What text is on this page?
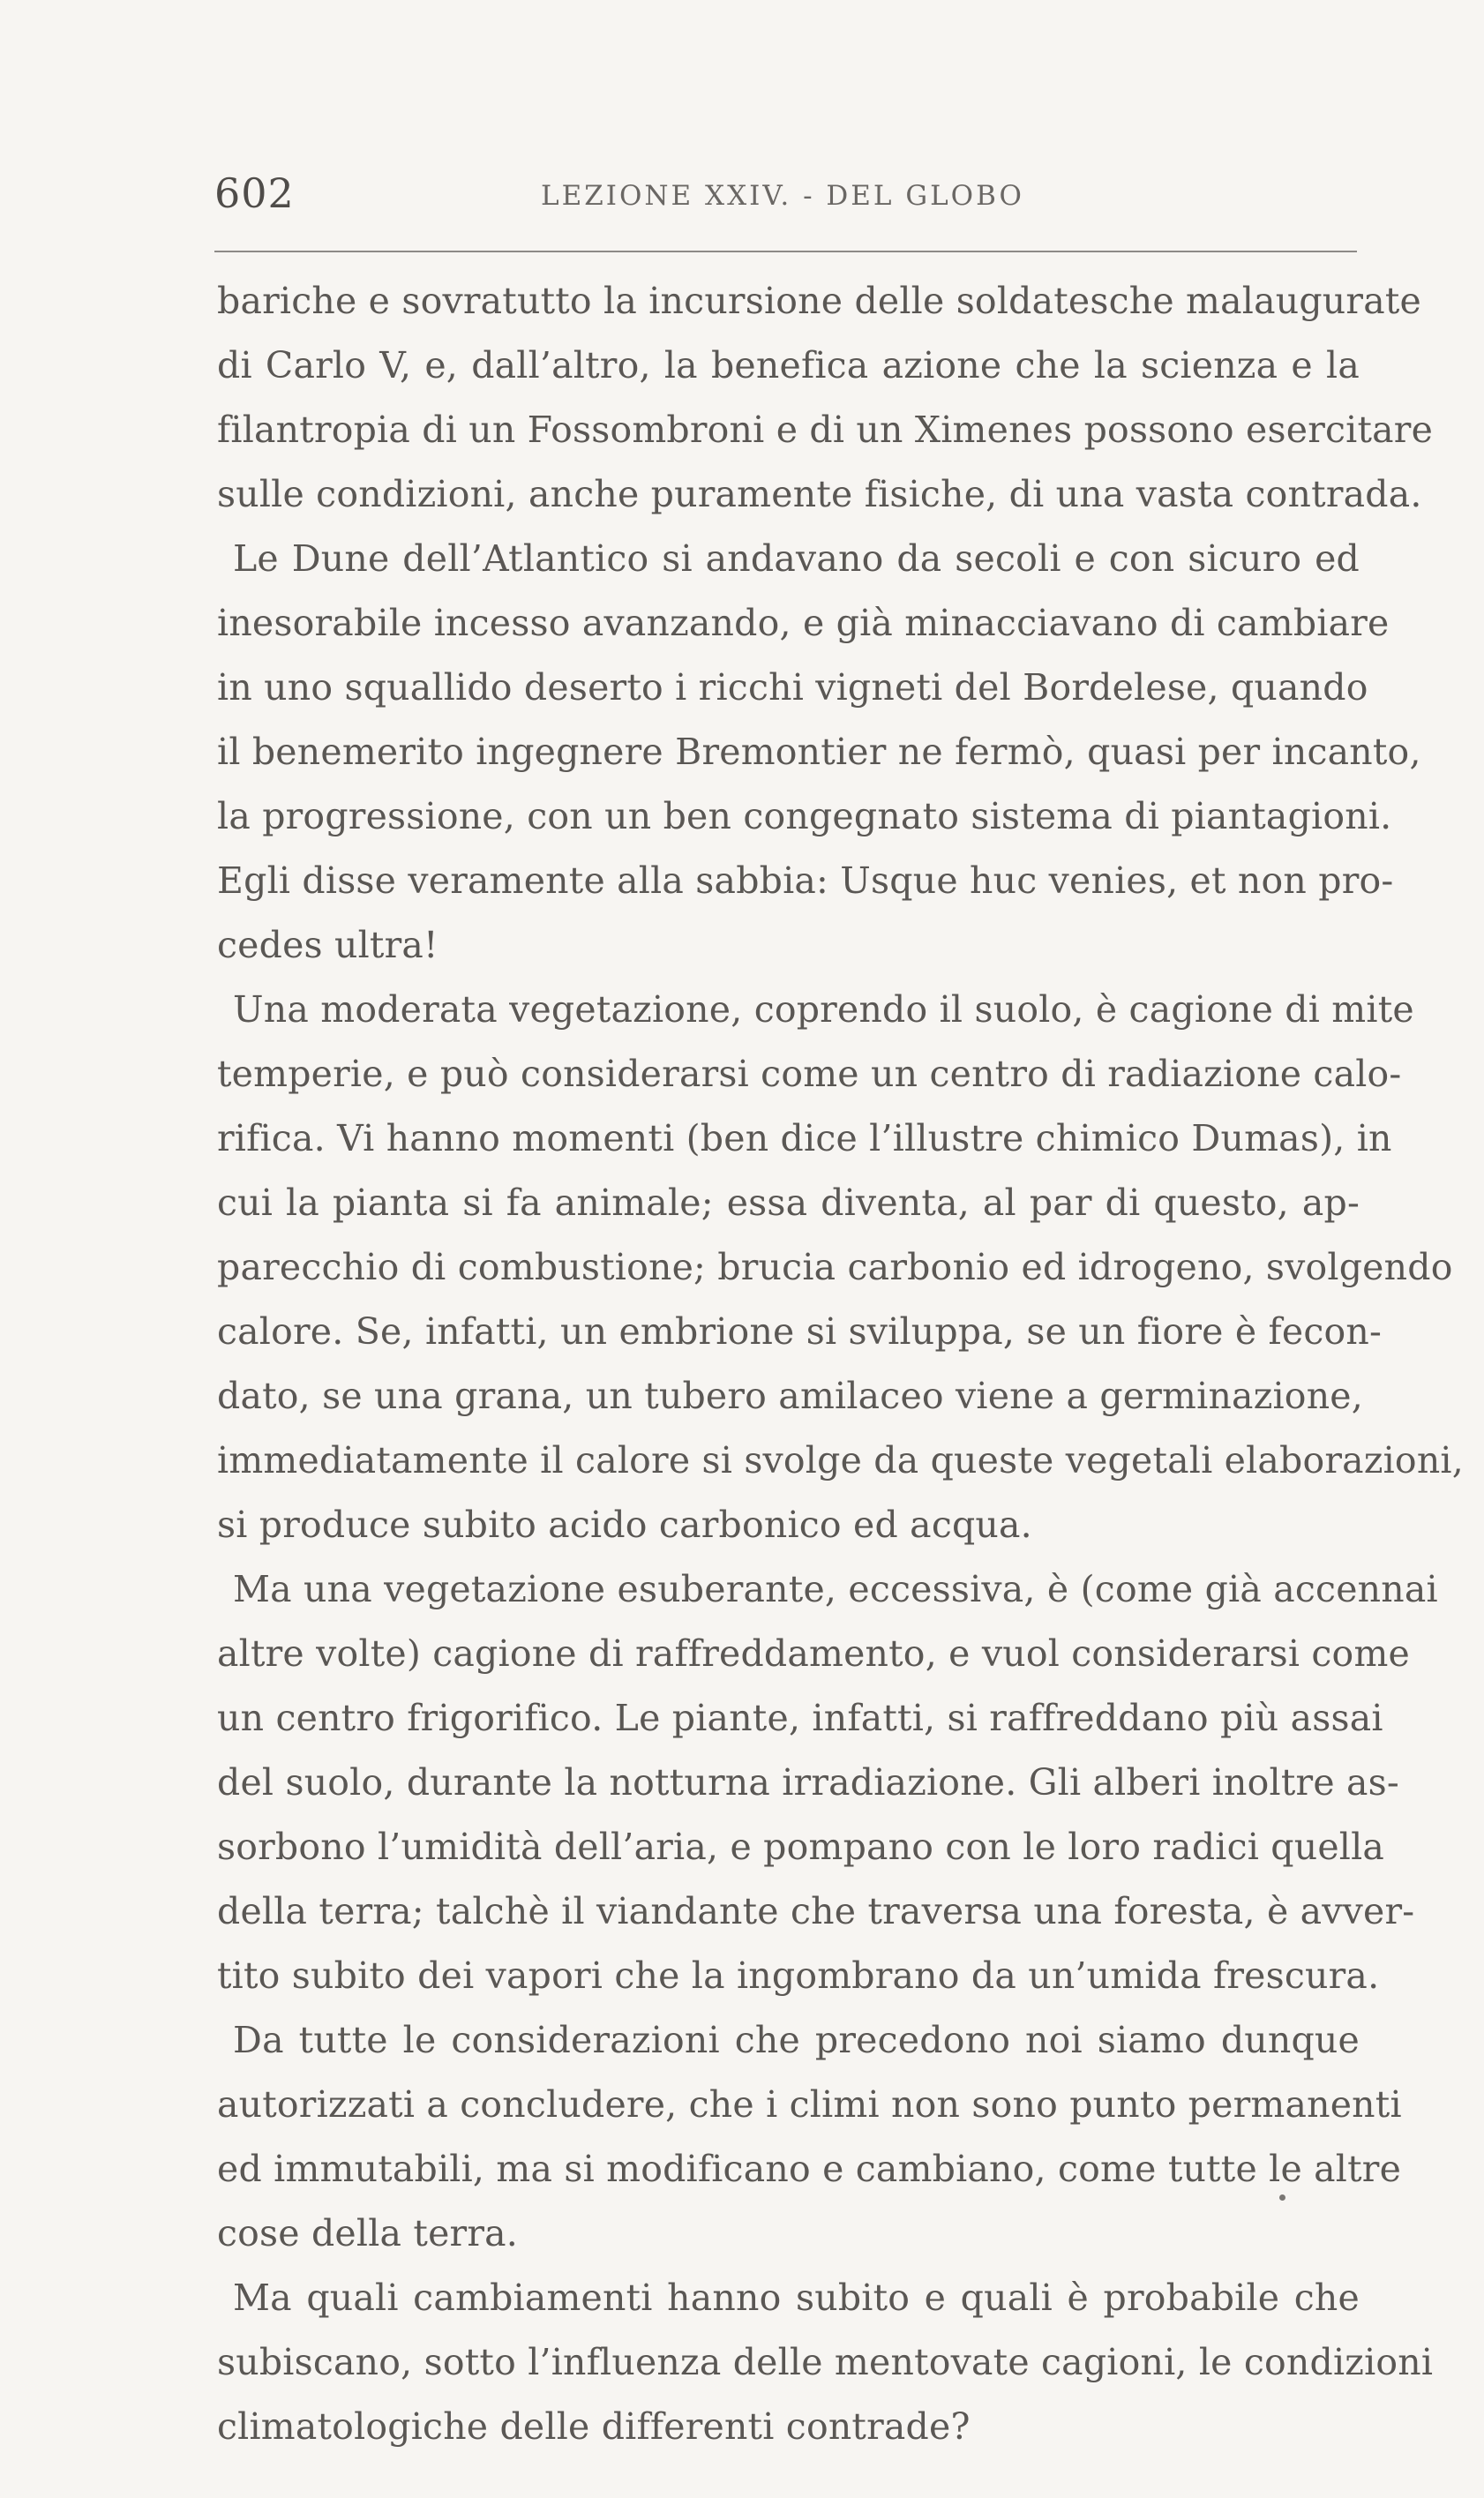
602	LEZIONE XXIV. - DEL GLOBO
bariche e sovratutto la incursione delle soldatesche malaugurate
di Carlo V, e, dall’altro, la benefica azione che la scienza e la
filantropia di un Fossombroni e di un Ximenes possono esercitare
sulle condizioni, anche puramente fisiche, di una vasta contrada.
Le Dune dell’Atlantico si andavano da secoli e con sicuro ed
inesorabile incesso avanzando, e già minacciavano di cambiare
in uno squallido deserto i ricchi vigneti del Bordelese, quando
il benemerito ingegnere Bremontier ne fermò, quasi per incanto,
la progressione, con un ben congegnato sistema di piantagioni.
Egli disse veramente alla sabbia: Usque huc venies, et non pro-
cedes ultra!
Una moderata vegetazione, coprendo il suolo, è cagione di mite
temperie, e può considerarsi come un centro di radiazione calo-
rifica. Vi hanno momenti (ben dice l’illustre chimico Dumas), in
cui la pianta si fa animale; essa diventa, al par di questo, ap-
parecchio di combustione; brucia carbonio ed idrogeno, svolgendo
calore. Se, infatti, un embrione si sviluppa, se un fiore è fecon-
dato, se una grana, un tubero amilaceo viene a germinazione,
immediatamente il calore si svolge da queste vegetali elaborazioni,
si produce subito acido carbonico ed acqua.
Ma una vegetazione esuberante, eccessiva, è (come già accennai
altre volte) cagione di raffreddamento, e vuol considerarsi come
un centro frigorifico. Le piante, infatti, si raffreddano più assai
del suolo, durante la notturna irradiazione. Gli alberi inoltre as-
sorbono l’umidità dell’aria, e pompano con le loro radici quella
della terra; talchè il viandante che traversa una foresta, è avver-
tito subito dei vapori che la ingombrano da un’umida frescura.
Da tutte le considerazioni che precedono noi siamo dunque
autorizzati a concludere, che i climi non sono punto permanenti
ed immutabili, ma si modificano e cambiano, come tutte le altre
cose della terra.
Ma quali cambiamenti hanno subito e quali è probabile che
subiscano, sotto l’influenza delle mentovate cagioni, le condizioni
climatologiche delle differenti contrade?
